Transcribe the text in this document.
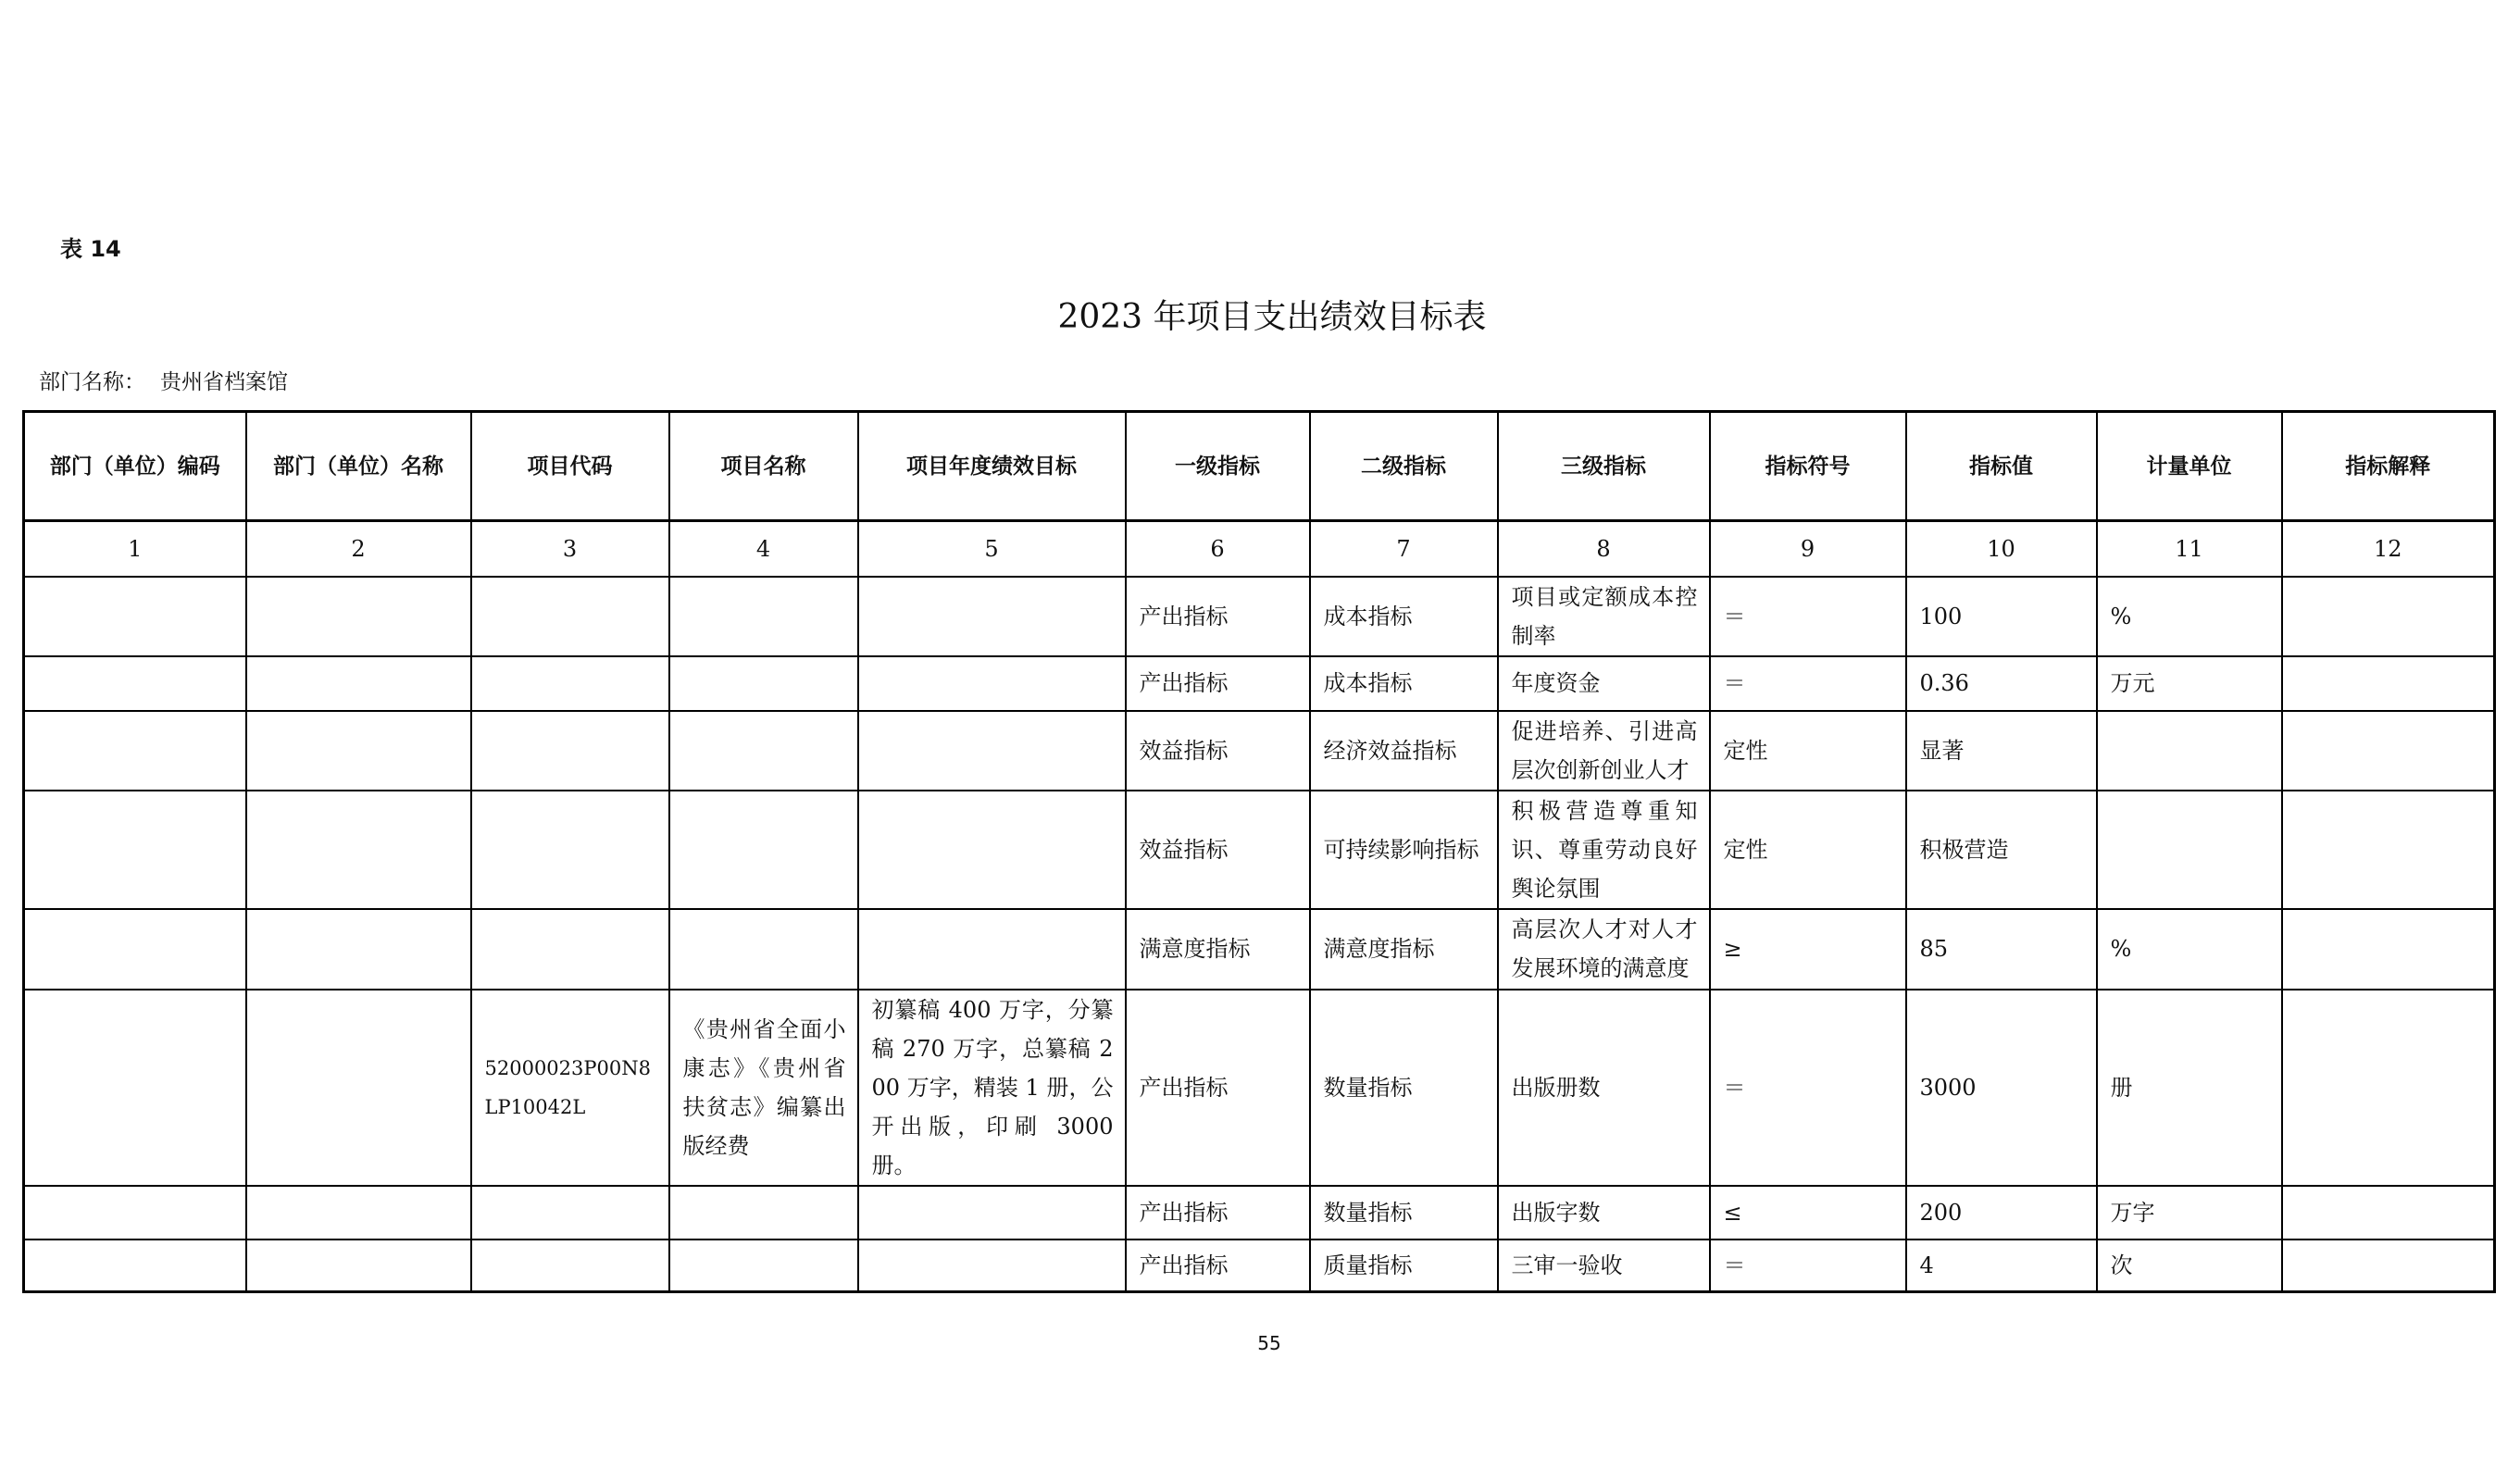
表 14
2023 年项目支出绩效目标表
部门名称： 贵州省档案馆
部门（单位）编码	部门（单位）名称	项目代码	项目名称	项目年度绩效目标	一级指标	二级指标	三级指标	指标符号	指标值	计量单位	指标解释
1	2	3	4	5	6	7	8	9	10	11	12
					产出指标	成本指标	项目或定额成本控制率	＝	100	%	
					产出指标	成本指标	年度资金	＝	0.36	万元	
					效益指标	经济效益指标	促进培养、引进高层次创新创业人才	定性	显著		
					效益指标	可持续影响指标	积极营造尊重知识、尊重劳动良好舆论氛围	定性	积极营造		
					满意度指标	满意度指标	高层次人才对人才发展环境的满意度	≥	85	%	
		52000023P00N8LP10042L	《贵州省全面小康志》《贵州省扶贫志》编纂出版经费	初纂稿 400 万字，分纂稿 270 万字，总纂稿 200 万字，精装 1 册，公开出版，印刷 3000 册。	产出指标	数量指标	出版册数	＝	3000	册	
					产出指标	数量指标	出版字数	≤	200	万字	
					产出指标	质量指标	三审一验收	＝	4	次	
55
